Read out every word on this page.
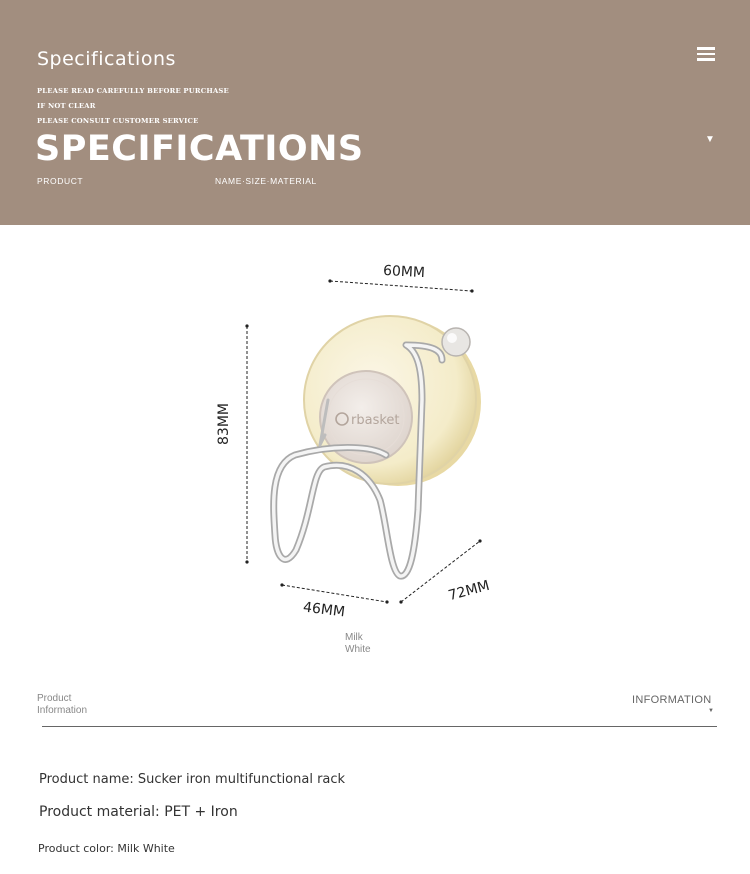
Specifications
PLEASE READ CAREFULLY BEFORE PURCHASE
IF NOT CLEAR
PLEASE CONSULT CUSTOMER SERVICE
SPECIFICATIONS
PRODUCT	NAME·SIZE·MATERIAL
▼
rbasket
60MM
83MM
46MM
72MM
Milk White
Product Information
INFORMATION
▼
Product name: Sucker iron multifunctional rack
Product material: PET + Iron
Product color: Milk White
